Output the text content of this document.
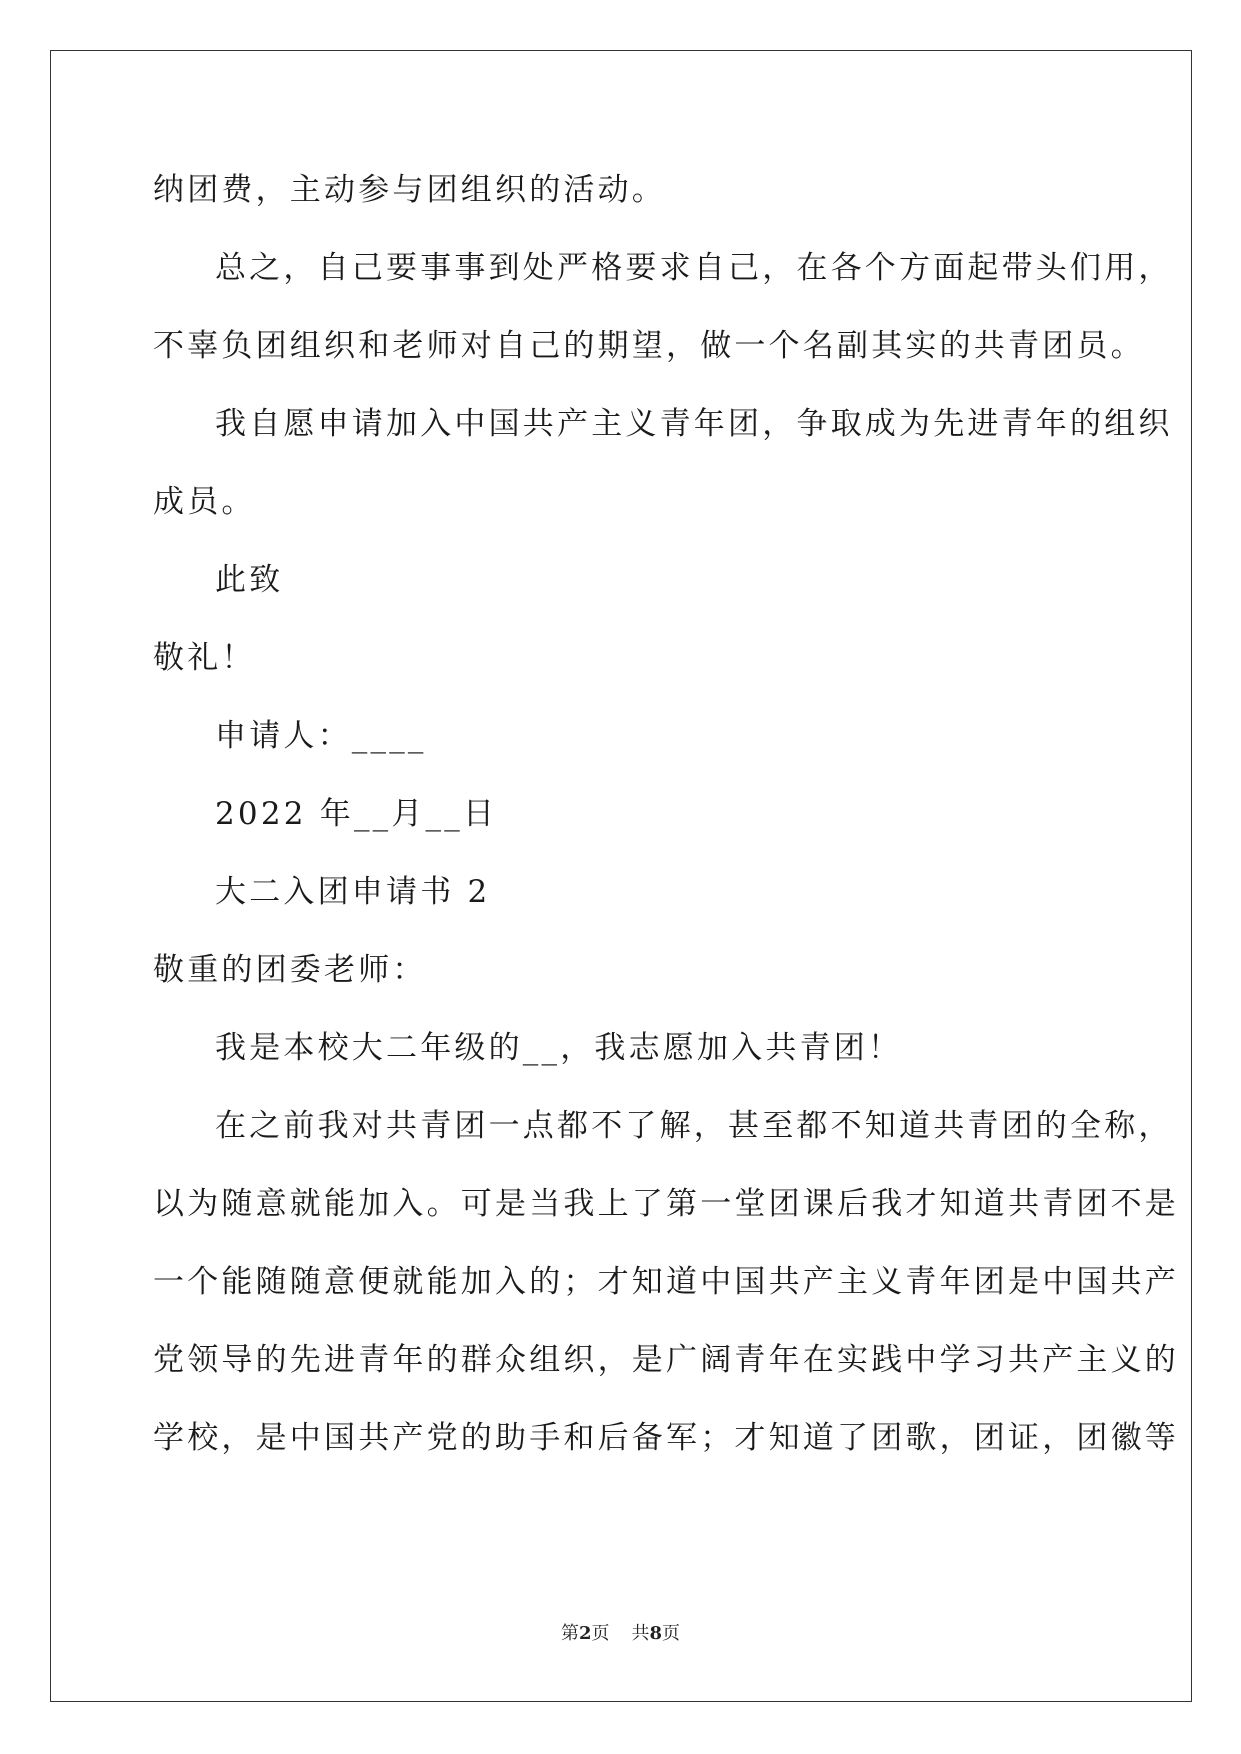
纳团费，主动参与团组织的活动。
总之，自己要事事到处严格要求自己，在各个方面起带头们用，
不辜负团组织和老师对自己的期望，做一个名副其实的共青团员。
我自愿申请加入中国共产主义青年团，争取成为先进青年的组织
成员。
此致
敬礼！
申请人：____
2022 年__月__日
大二入团申请书 2
敬重的团委老师：
我是本校大二年级的__，我志愿加入共青团！
在之前我对共青团一点都不了解，甚至都不知道共青团的全称，
以为随意就能加入。可是当我上了第一堂团课后我才知道共青团不是
一个能随随意便就能加入的；才知道中国共产主义青年团是中国共产
党领导的先进青年的群众组织，是广阔青年在实践中学习共产主义的
学校，是中国共产党的助手和后备军；才知道了团歌，团证，团徽等
第2页 共8页
